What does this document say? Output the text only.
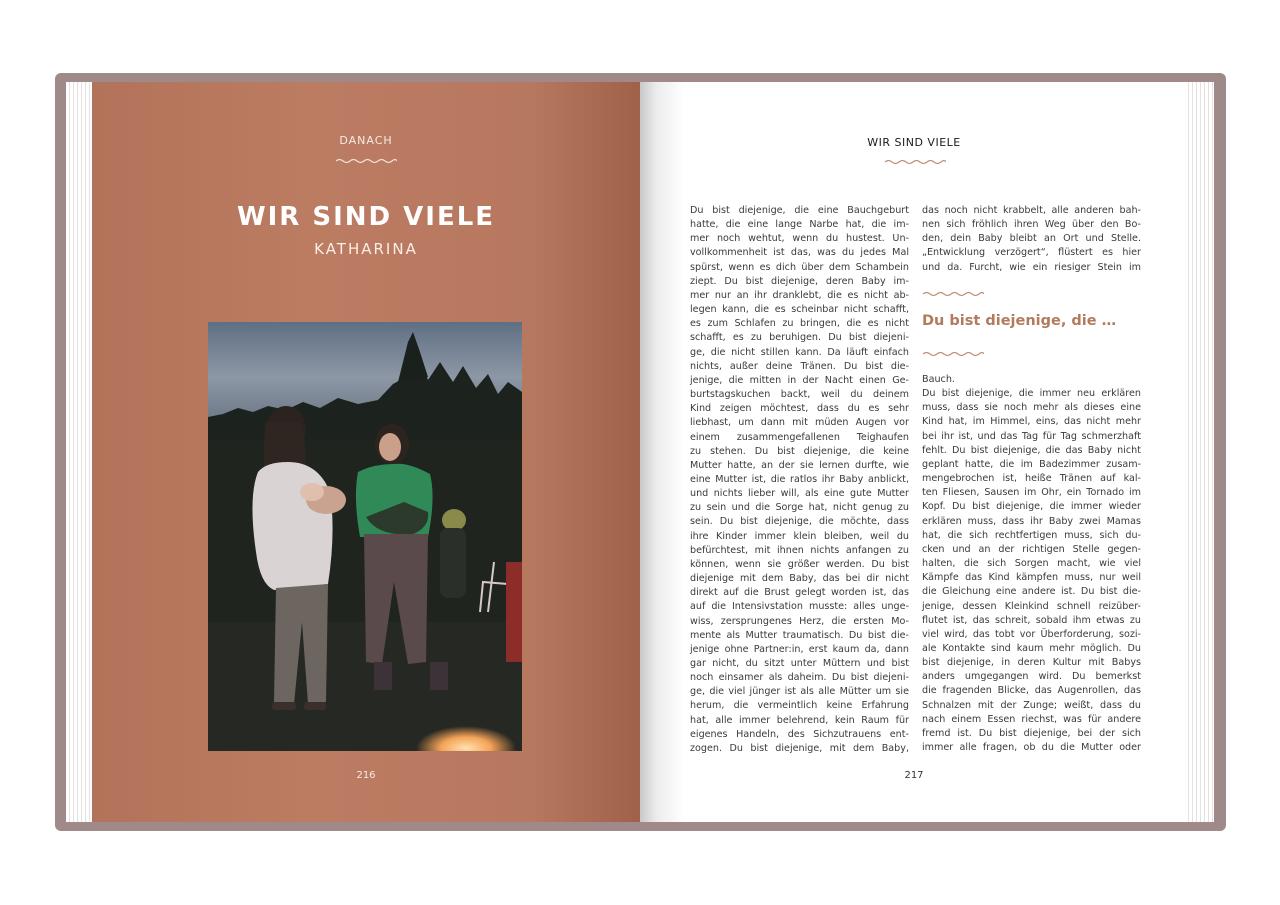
DANACH
WIR SIND VIELE
KATHARINA
216
WIR SIND VIELE
Du bist diejenige, die eine Bauchgeburt
hatte, die eine lange Narbe hat, die im-
mer noch wehtut, wenn du hustest. Un-
vollkommenheit ist das, was du jedes Mal
spürst, wenn es dich über dem Schambein
ziept. Du bist diejenige, deren Baby im-
mer nur an ihr dranklebt, die es nicht ab-
legen kann, die es scheinbar nicht schafft,
es zum Schlafen zu bringen, die es nicht
schafft, es zu beruhigen. Du bist diejeni-
ge, die nicht stillen kann. Da läuft einfach
nichts, außer deine Tränen. Du bist die-
jenige, die mitten in der Nacht einen Ge-
burtstagskuchen backt, weil du deinem
Kind zeigen möchtest, dass du es sehr
liebhast, um dann mit müden Augen vor
einem zusammengefallenen Teighaufen
zu stehen. Du bist diejenige, die keine
Mutter hatte, an der sie lernen durfte, wie
eine Mutter ist, die ratlos ihr Baby anblickt,
und nichts lieber will, als eine gute Mutter
zu sein und die Sorge hat, nicht genug zu
sein. Du bist diejenige, die möchte, dass
ihre Kinder immer klein bleiben, weil du
befürchtest, mit ihnen nichts anfangen zu
können, wenn sie größer werden. Du bist
diejenige mit dem Baby, das bei dir nicht
direkt auf die Brust gelegt worden ist, das
auf die Intensivstation musste: alles unge-
wiss, zersprungenes Herz, die ersten Mo-
mente als Mutter traumatisch. Du bist die-
jenige ohne Partner:in, erst kaum da, dann
gar nicht, du sitzt unter Müttern und bist
noch einsamer als daheim. Du bist diejeni-
ge, die viel jünger ist als alle Mütter um sie
herum, die vermeintlich keine Erfahrung
hat, alle immer belehrend, kein Raum für
eigenes Handeln, des Sichzutrauens ent-
zogen. Du bist diejenige, mit dem Baby,
das noch nicht krabbelt, alle anderen bah-
nen sich fröhlich ihren Weg über den Bo-
den, dein Baby bleibt an Ort und Stelle.
„Entwicklung verzögert“, flüstert es hier
und da. Furcht, wie ein riesiger Stein im
Du bist diejenige, die …
Bauch.
Du bist diejenige, die immer neu erklären
muss, dass sie noch mehr als dieses eine
Kind hat, im Himmel, eins, das nicht mehr
bei ihr ist, und das Tag für Tag schmerzhaft
fehlt. Du bist diejenige, die das Baby nicht
geplant hatte, die im Badezimmer zusam-
mengebrochen ist, heiße Tränen auf kal-
ten Fliesen, Sausen im Ohr, ein Tornado im
Kopf. Du bist diejenige, die immer wieder
erklären muss, dass ihr Baby zwei Mamas
hat, die sich rechtfertigen muss, sich du-
cken und an der richtigen Stelle gegen-
halten, die sich Sorgen macht, wie viel
Kämpfe das Kind kämpfen muss, nur weil
die Gleichung eine andere ist. Du bist die-
jenige, dessen Kleinkind schnell reizüber-
flutet ist, das schreit, sobald ihm etwas zu
viel wird, das tobt vor Überforderung, sozi-
ale Kontakte sind kaum mehr möglich. Du
bist diejenige, in deren Kultur mit Babys
anders umgegangen wird. Du bemerkst
die fragenden Blicke, das Augenrollen, das
Schnalzen mit der Zunge; weißt, dass du
nach einem Essen riechst, was für andere
fremd ist. Du bist diejenige, bei der sich
immer alle fragen, ob du die Mutter oder
217
